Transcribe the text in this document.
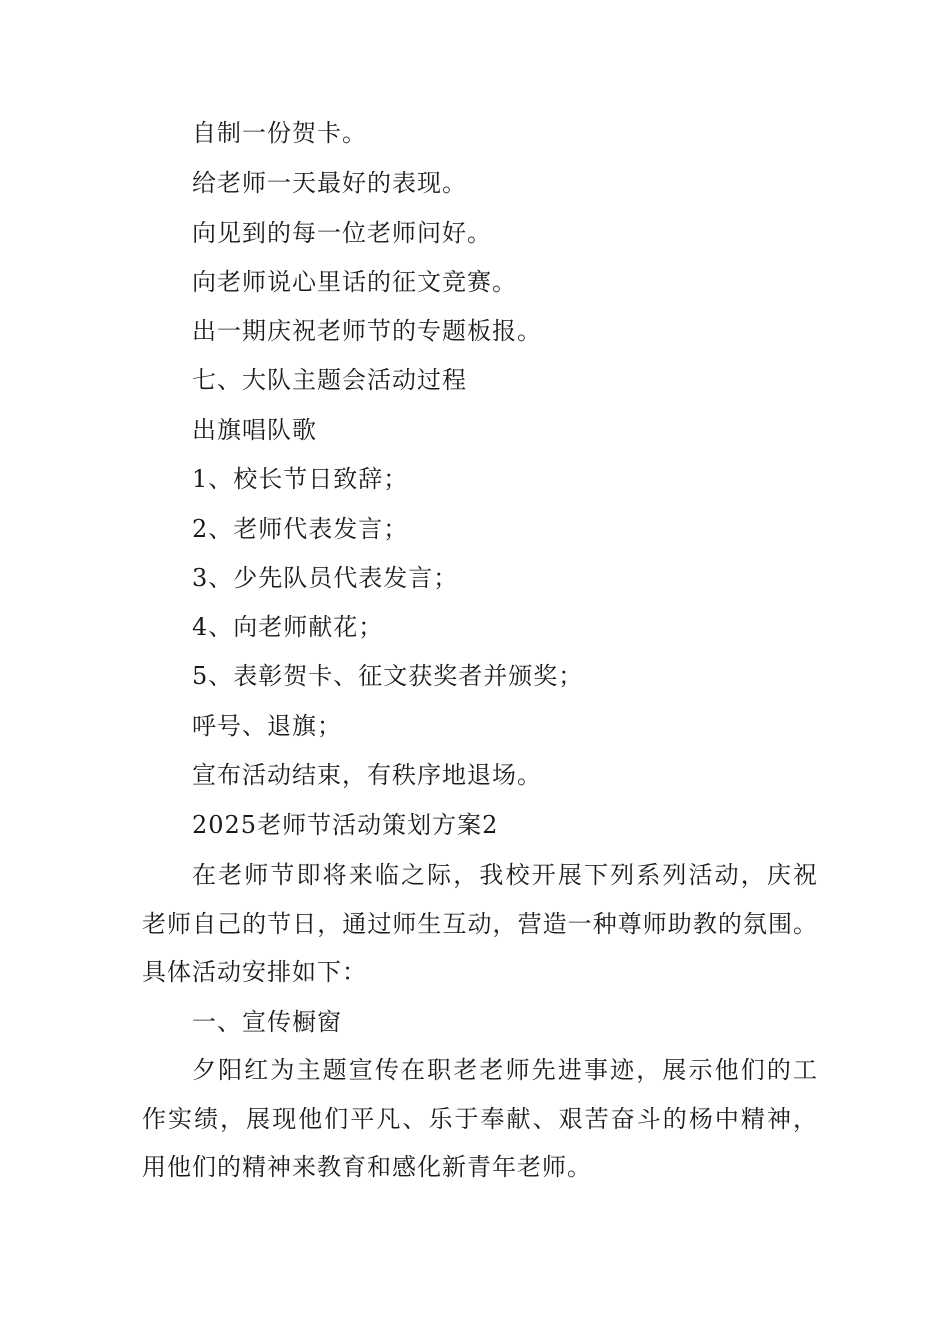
自制一份贺卡。
给老师一天最好的表现。
向见到的每一位老师问好。
向老师说心里话的征文竞赛。
出一期庆祝老师节的专题板报。
七、大队主题会活动过程
出旗唱队歌
1、校长节日致辞；
2、老师代表发言；
3、少先队员代表发言；
4、向老师献花；
5、表彰贺卡、征文获奖者并颁奖；
呼号、退旗；
宣布活动结束，有秩序地退场。
2025老师节活动策划方案2

在老师节即将来临之际，我校开展下列系列活动，庆祝 老师自己的节日，通过师生互动，营造一种尊师助教的氛围。 具体活动安排如下：

一、宣传橱窗

夕阳红为主题宣传在职老老师先进事迹，展示他们的工 作实绩，展现他们平凡、乐于奉献、艰苦奋斗的杨中精神， 用他们的精神来教育和感化新青年老师。
